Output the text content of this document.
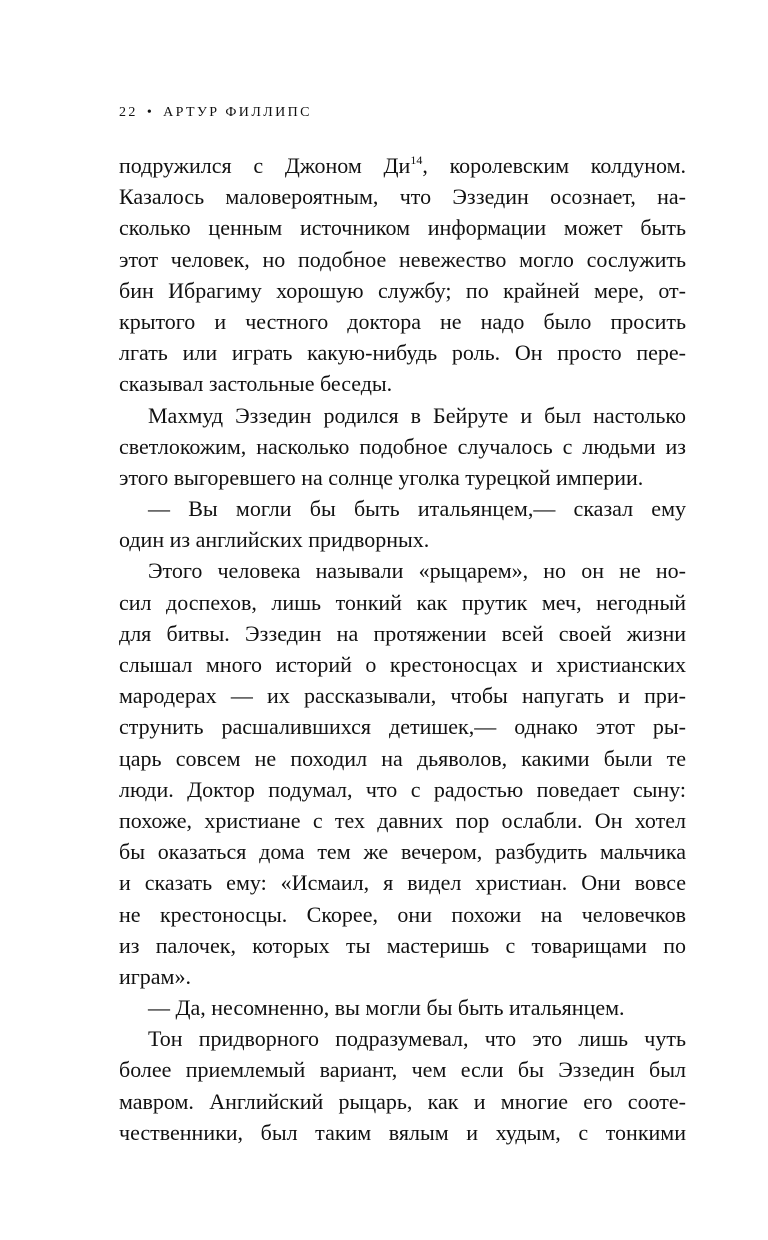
22 • АРТУР ФИЛЛИПС
подружился с Джоном $Ди^{14}$, королевским колдуном.
Казалось маловероятным, что Эззедин осознает, на-
сколько ценным источником информации может быть
этот человек, но подобное невежество могло сослужить
бин Ибрагиму хорошую службу; по крайней мере, от-
крытого и честного доктора не надо было просить
лгать или играть какую-нибудь роль. Он просто пере-
сказывал застольные беседы.
Махмуд Эззедин родился в Бейруте и был настолько
светлокожим, насколько подобное случалось с людьми из
этого выгоревшего на солнце уголка турецкой империи.
— Вы могли бы быть итальянцем,— сказал ему
один из английских придворных.
Этого человека называли «рыцарем», но он не но-
сил доспехов, лишь тонкий как прутик меч, негодный
для битвы. Эззедин на протяжении всей своей жизни
слышал много историй о крестоносцах и христианских
мародерах — их рассказывали, чтобы напугать и при-
струнить расшалившихся детишек,— однако этот ры-
царь совсем не походил на дьяволов, какими были те
люди. Доктор подумал, что с радостью поведает сыну:
похоже, христиане с тех давних пор ослабли. Он хотел
бы оказаться дома тем же вечером, разбудить мальчика
и сказать ему: «Исмаил, я видел христиан. Они вовсе
не крестоносцы. Скорее, они похожи на человечков
из палочек, которых ты мастеришь с товарищами по
играм».
— Да, несомненно, вы могли бы быть итальянцем.
Тон придворного подразумевал, что это лишь чуть
более приемлемый вариант, чем если бы Эззедин был
мавром. Английский рыцарь, как и многие его соотe-
чественники, был таким вялым и худым, с тонкими
